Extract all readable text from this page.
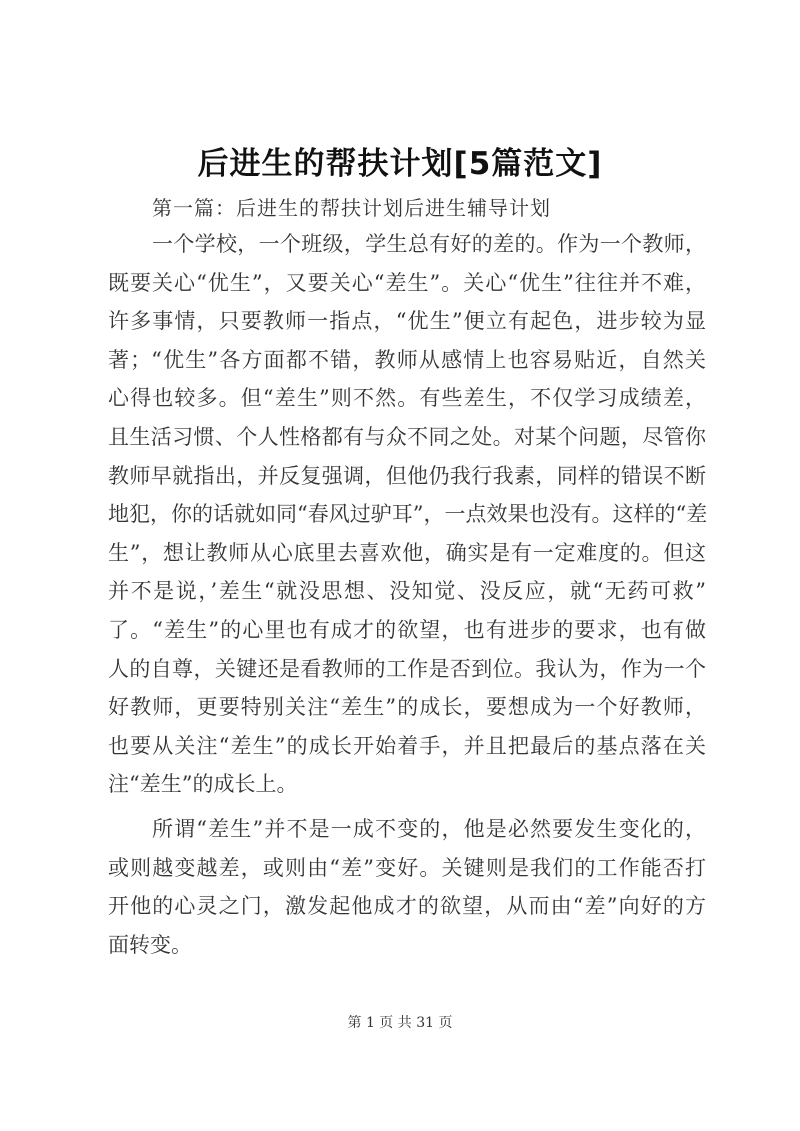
后进生的帮扶计划[5篇范文]
第一篇：后进生的帮扶计划后进生辅导计划
一个学校，一个班级，学生总有好的差的。作为一个教师，
既要关心“优生”，又要关心“差生”。关心“优生”往往并不难，
许多事情，只要教师一指点，“优生”便立有起色，进步较为显
著；“优生”各方面都不错，教师从感情上也容易贴近，自然关
心得也较多。但“差生”则不然。有些差生，不仅学习成绩差，
且生活习惯、个人性格都有与众不同之处。对某个问题，尽管你
教师早就指出，并反复强调，但他仍我行我素，同样的错误不断
地犯，你的话就如同“春风过驴耳”，一点效果也没有。这样的“差
生”，想让教师从心底里去喜欢他，确实是有一定难度的。但这
并不是说，’差生“就没思想、没知觉、没反应，就“无药可救”
了。“差生”的心里也有成才的欲望，也有进步的要求，也有做
人的自尊，关键还是看教师的工作是否到位。我认为，作为一个
好教师，更要特别关注“差生”的成长，要想成为一个好教师，
也要从关注“差生”的成长开始着手，并且把最后的基点落在关
注“差生”的成长上。
所谓“差生”并不是一成不变的，他是必然要发生变化的，
或则越变越差，或则由“差”变好。关键则是我们的工作能否打
开他的心灵之门，激发起他成才的欲望，从而由“差”向好的方
面转变。
第 1 页 共 31 页
